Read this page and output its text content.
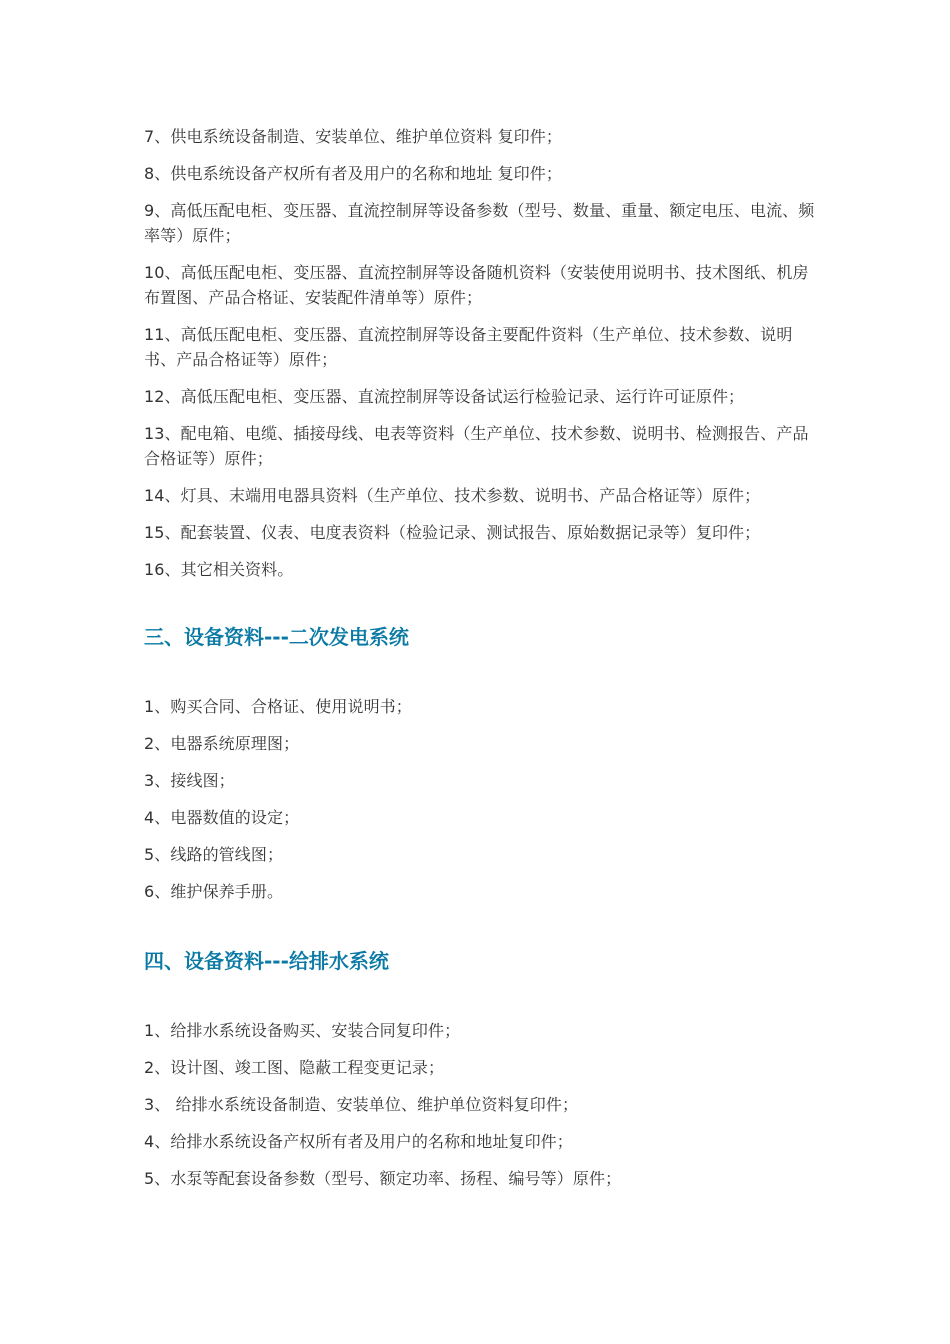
7、供电系统设备制造、安装单位、维护单位资料 复印件；

8、供电系统设备产权所有者及用户的名称和地址 复印件；

9、高低压配电柜、变压器、直流控制屏等设备参数（型号、数量、重量、额定电压、电流、频率等）原件；

10、高低压配电柜、变压器、直流控制屏等设备随机资料（安装使用说明书、技术图纸、机房布置图、产品合格证、安装配件清单等）原件；

11、高低压配电柜、变压器、直流控制屏等设备主要配件资料（生产单位、技术参数、说明书、产品合格证等）原件；

12、高低压配电柜、变压器、直流控制屏等设备试运行检验记录、运行许可证原件；

13、配电箱、电缆、插接母线、电表等资料（生产单位、技术参数、说明书、检测报告、产品合格证等）原件；

14、灯具、末端用电器具资料（生产单位、技术参数、说明书、产品合格证等）原件；

15、配套装置、仪表、电度表资料（检验记录、测试报告、原始数据记录等）复印件；

16、其它相关资料。

三、设备资料---二次发电系统

1、购买合同、合格证、使用说明书；

2、电器系统原理图；

3、接线图；

4、电器数值的设定；

5、线路的管线图；

6、维护保养手册。

四、设备资料---给排水系统

1、给排水系统设备购买、安装合同复印件；

2、设计图、竣工图、隐蔽工程变更记录；

3、 给排水系统设备制造、安装单位、维护单位资料复印件；

4、给排水系统设备产权所有者及用户的名称和地址复印件；

5、水泵等配套设备参数（型号、额定功率、扬程、编号等）原件；
